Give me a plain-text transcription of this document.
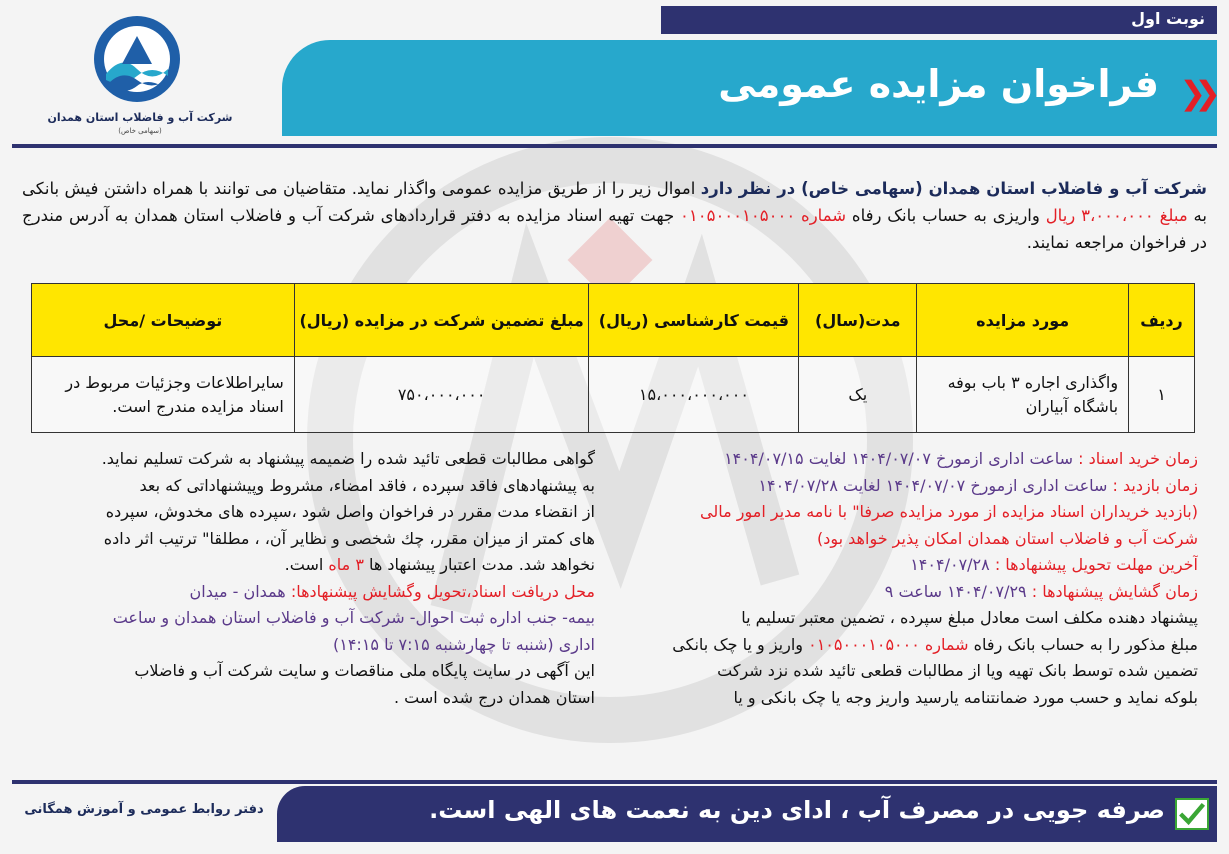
شرکت آب و فاضلاب استان همدان
(سهامی خاص)
نوبت اول
❮❮
فراخوان مزایده عمومی

شرکت آب و فاضلاب استان همدان (سهامی خاص) در نظر دارد اموال زیر را از طریق مزایده عمومی واگذار نماید. متقاضیان می توانند با همراه داشتن فیش بانکی به مبلغ ۳،۰۰۰،۰۰۰ ریال واریزی به حساب بانک رفاه شماره ۰۱۰۵۰۰۰۱۰۵۰۰۰ جهت تهیه اسناد مزایده به دفتر قراردادهای شرکت آب و فاضلاب استان همدان به آدرس مندرج در فراخوان مراجعه نمایند.

ردیف	مورد مزایده	مدت(سال)	قیمت کارشناسی (ریال)	مبلغ تضمین شرکت در مزایده (ریال)	توضیحات /محل
۱	واگذاری اجاره ۳ باب بوفه باشگاه آبیاران	یک	۱۵،۰۰۰،۰۰۰،۰۰۰	۷۵۰،۰۰۰،۰۰۰	سایراطلاعات وجزئیات مربوط در اسناد مزایده مندرج است.
زمان خرید اسناد : ساعت اداری ازمورخ ۱۴۰۴/۰۷/۰۷ لغایت ۱۴۰۴/۰۷/۱۵
زمان بازدید : ساعت اداری ازمورخ ۱۴۰۴/۰۷/۰۷ لغایت ۱۴۰۴/۰۷/۲۸
(بازدید خریداران اسناد مزایده از مورد مزایده صرفا" با نامه مدیر امور مالی
شرکت آب و فاضلاب استان همدان امکان پذیر خواهد بود)
آخرین مهلت تحویل پیشنهادها : ۱۴۰۴/۰۷/۲۸
زمان گشایش پیشنهادها : ۱۴۰۴/۰۷/۲۹ ساعت ۹
پیشنهاد دهنده مکلف است معادل مبلغ سپرده ، تضمین معتبر تسلیم یا
مبلغ مذکور را به حساب بانک رفاه شماره ۰۱۰۵۰۰۰۱۰۵۰۰۰ واریز و یا چک بانکی
تضمین شده توسط بانک تهیه ویا از مطالبات قطعی تائید شده نزد شرکت
بلوکه نماید و حسب مورد ضمانتنامه یارسید واریز وجه یا چک بانکی و یا
گواهی مطالبات قطعی تائید شده را ضمیمه پیشنهاد به شرکت تسلیم نماید.
به پیشنهادهای فاقد سپرده ، فاقد امضاء، مشروط وپیشنهاداتی که بعد
از انقضاء مدت مقرر در فراخوان واصل شود ،سپرده های مخدوش، سپرده
های کمتر از میزان مقرر، چك شخصی و نظایر آن، ، مطلقا" ترتیب اثر داده
نخواهد شد. مدت اعتبار پیشنهاد ها ۳ ماه است.
محل دریافت اسناد،تحویل وگشایش پیشنهادها: همدان - میدان
بیمه- جنب اداره ثبت احوال- شرکت آب و فاضلاب استان همدان و ساعت
اداری (شنبه تا چهارشنبه ۷:۱۵ تا ۱۴:۱۵)
این آگهی در سایت پایگاه ملی مناقصات و سایت شرکت آب و فاضلاب
استان همدان درج شده است .
صرفه جویی در مصرف آب ، ادای دین به نعمت های الهی است.
دفتر روابط عمومی و آموزش همگانی
